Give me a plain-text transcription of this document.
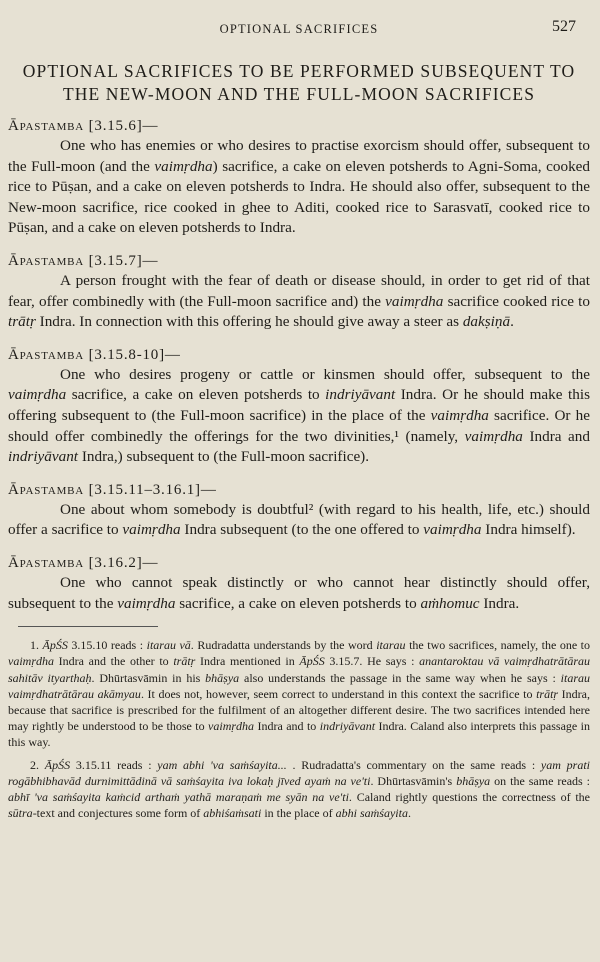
OPTIONAL SACRIFICES	527
OPTIONAL SACRIFICES TO BE PERFORMED SUBSEQUENT TO
THE NEW-MOON AND THE FULL-MOON SACRIFICES
Āpastamba [3.15.6]—

One who has enemies or who desires to practise exorcism should offer, subsequent to the Full-moon (and the vaimṛdha) sacrifice, a cake on eleven potsherds to Agni-Soma, cooked rice to Pūṣan, and a cake on eleven potsherds to Indra. He should also offer, subsequent to the New-moon sacrifice, rice cooked in ghee to Aditi, cooked rice to Sarasvatī, cooked rice to Pūṣan, and a cake on eleven potsherds to Indra.

Āpastamba [3.15.7]—

A person frought with the fear of death or disease should, in order to get rid of that fear, offer combinedly with (the Full-moon sacrifice and) the vaimṛdha sacrifice cooked rice to trātṛ Indra. In connection with this offering he should give away a steer as dakṣiṇā.

Āpastamba [3.15.8-10]—

One who desires progeny or cattle or kinsmen should offer, subsequent to the vaimṛdha sacrifice, a cake on eleven potsherds to indriyāvant Indra. Or he should make this offering subsequent to (the Full-moon sacrifice) in the place of the vaimṛdha sacrifice. Or he should offer combinedly the offerings for the two divinities,¹ (namely, vaimṛdha Indra and indriyāvant Indra,) subsequent to (the Full-moon sacrifice).

Āpastamba [3.15.11–3.16.1]—

One about whom somebody is doubtful² (with regard to his health, life, etc.) should offer a sacrifice to vaimṛdha Indra subsequent (to the one offered to vaimṛdha Indra himself).

Āpastamba [3.16.2]—

One who cannot speak distinctly or who cannot hear distinctly should offer, subsequent to the vaimṛdha sacrifice, a cake on eleven potsherds to aṁhomuc Indra.

1. ĀpŚS 3.15.10 reads : itarau vā. Rudradatta understands by the word itarau the two sacrifices, namely, the one to vaimṛdha Indra and the other to trātṛ Indra mentioned in ĀpŚS 3.15.7. He says : anantaroktau vā vaimṛdhatrātārau sahitāv ityarthaḥ. Dhūrtasvāmin in his bhāṣya also understands the passage in the same way when he says : itarau vaimṛdhatrātārau akāmyau. It does not, however, seem correct to understand in this context the sacrifice to trātṛ Indra, because that sacrifice is prescribed for the fulfilment of an altogether different desire. The two sacrifices intended here may rightly be understood to be those to vaimṛdha Indra and to indriyāvant Indra. Caland also interprets this passage in this way.

2. ĀpŚS 3.15.11 reads : yam abhi 'va saṁśayita... . Rudradatta's commentary on the same reads : yam prati rogābhibhavād durnimittādinā vā saṁśayita iva lokaḥ jīved ayaṁ na ve'ti. Dhūrtasvāmin's bhāṣya on the same reads : abhī 'va saṁśayita kaṁcid arthaṁ yathā maraṇaṁ me syān na ve'ti. Caland rightly questions the correctness of the sūtra-text and conjectures some form of abhiśaṁsati in the place of abhi saṁśayita.
